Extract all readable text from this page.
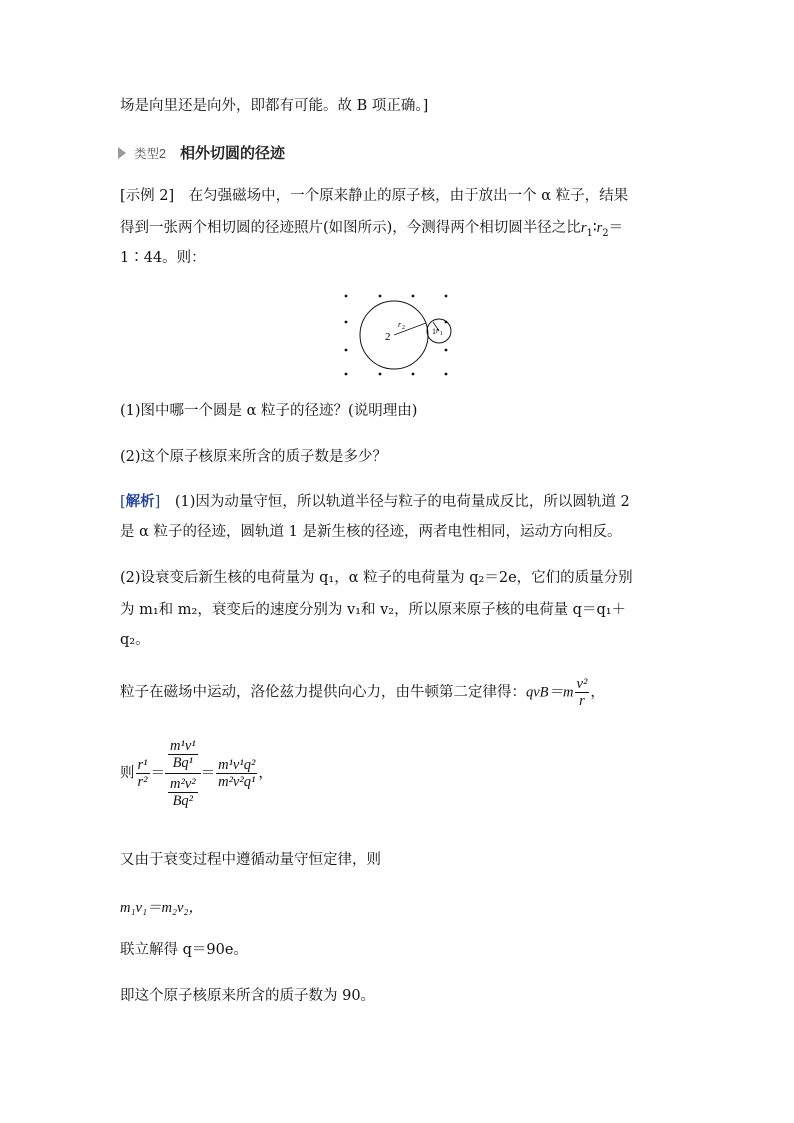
场是向里还是向外，即都有可能。故 B 项正确。]
类型2 相外切圆的径迹
[示例 2]　在匀强磁场中，一个原来静止的原子核，由于放出一个 α 粒子，结果
得到一张两个相切圆的径迹照片(如图所示)，今测得两个相切圆半径之比$r_1∶r_2=$
1∶44。则：
2
r 2	1 r 1
(1)图中哪一个圆是 α 粒子的径迹？(说明理由)
(2)这个原子核原来所含的质子数是多少？
[解析]　(1)因为动量守恒，所以轨道半径与粒子的电荷量成反比，所以圆轨道 2
是 α 粒子的径迹，圆轨道 1 是新生核的径迹，两者电性相同，运动方向相反。
(2)设衰变后新生核的电荷量为 q₁，α 粒子的电荷量为 q₂＝2e，它们的质量分别
为 m₁和 m₂，衰变后的速度分别为 v₁和 v₂，所以原来原子核的电荷量 q＝q₁＋
q₂。
粒子在磁场中运动，洛伦兹力提供向心力，由牛顿第二定律得：$qvB=m \frac{\text{v²}}{r}$ ，
则 $\frac{\text{r¹}}{\text{r²}} = \frac{\frac{\text{m¹v¹}}{\text{Bq¹}}}{\frac{\text{m²v²}}{\text{Bq²}}} = \frac{\text{m¹v¹q²}}{\text{m²v²q¹}}$ ，
又由于衰变过程中遵循动量守恒定律，则
m₁v₁＝m₂v₂，
联立解得 q＝90e。
即这个原子核原来所含的质子数为 90。
